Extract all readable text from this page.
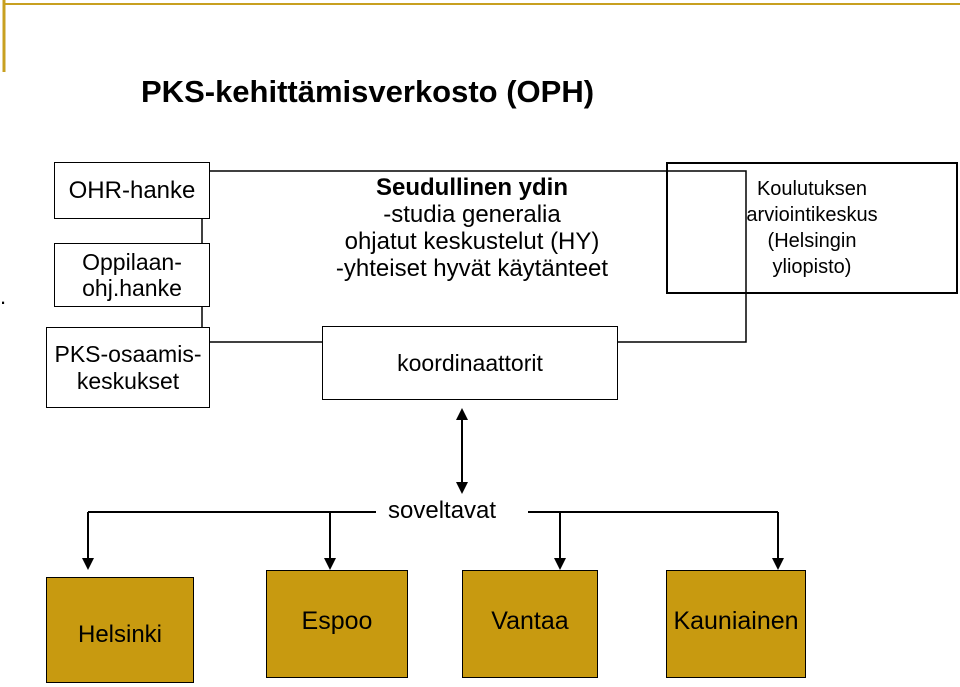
.
PKS-kehittämisverkosto (OPH)
OHR-hanke
Oppilaan-
ohj.hanke
PKS-osaamis-
keskukset
Seudullinen ydin
-studia generalia
ohjatut keskustelut (HY)
-yhteiset hyvät käytänteet
Koulutuksen
arviointikeskus
(Helsingin
yliopisto)
koordinaattorit
soveltavat
Helsinki	Espoo	Vantaa	Kauniainen
